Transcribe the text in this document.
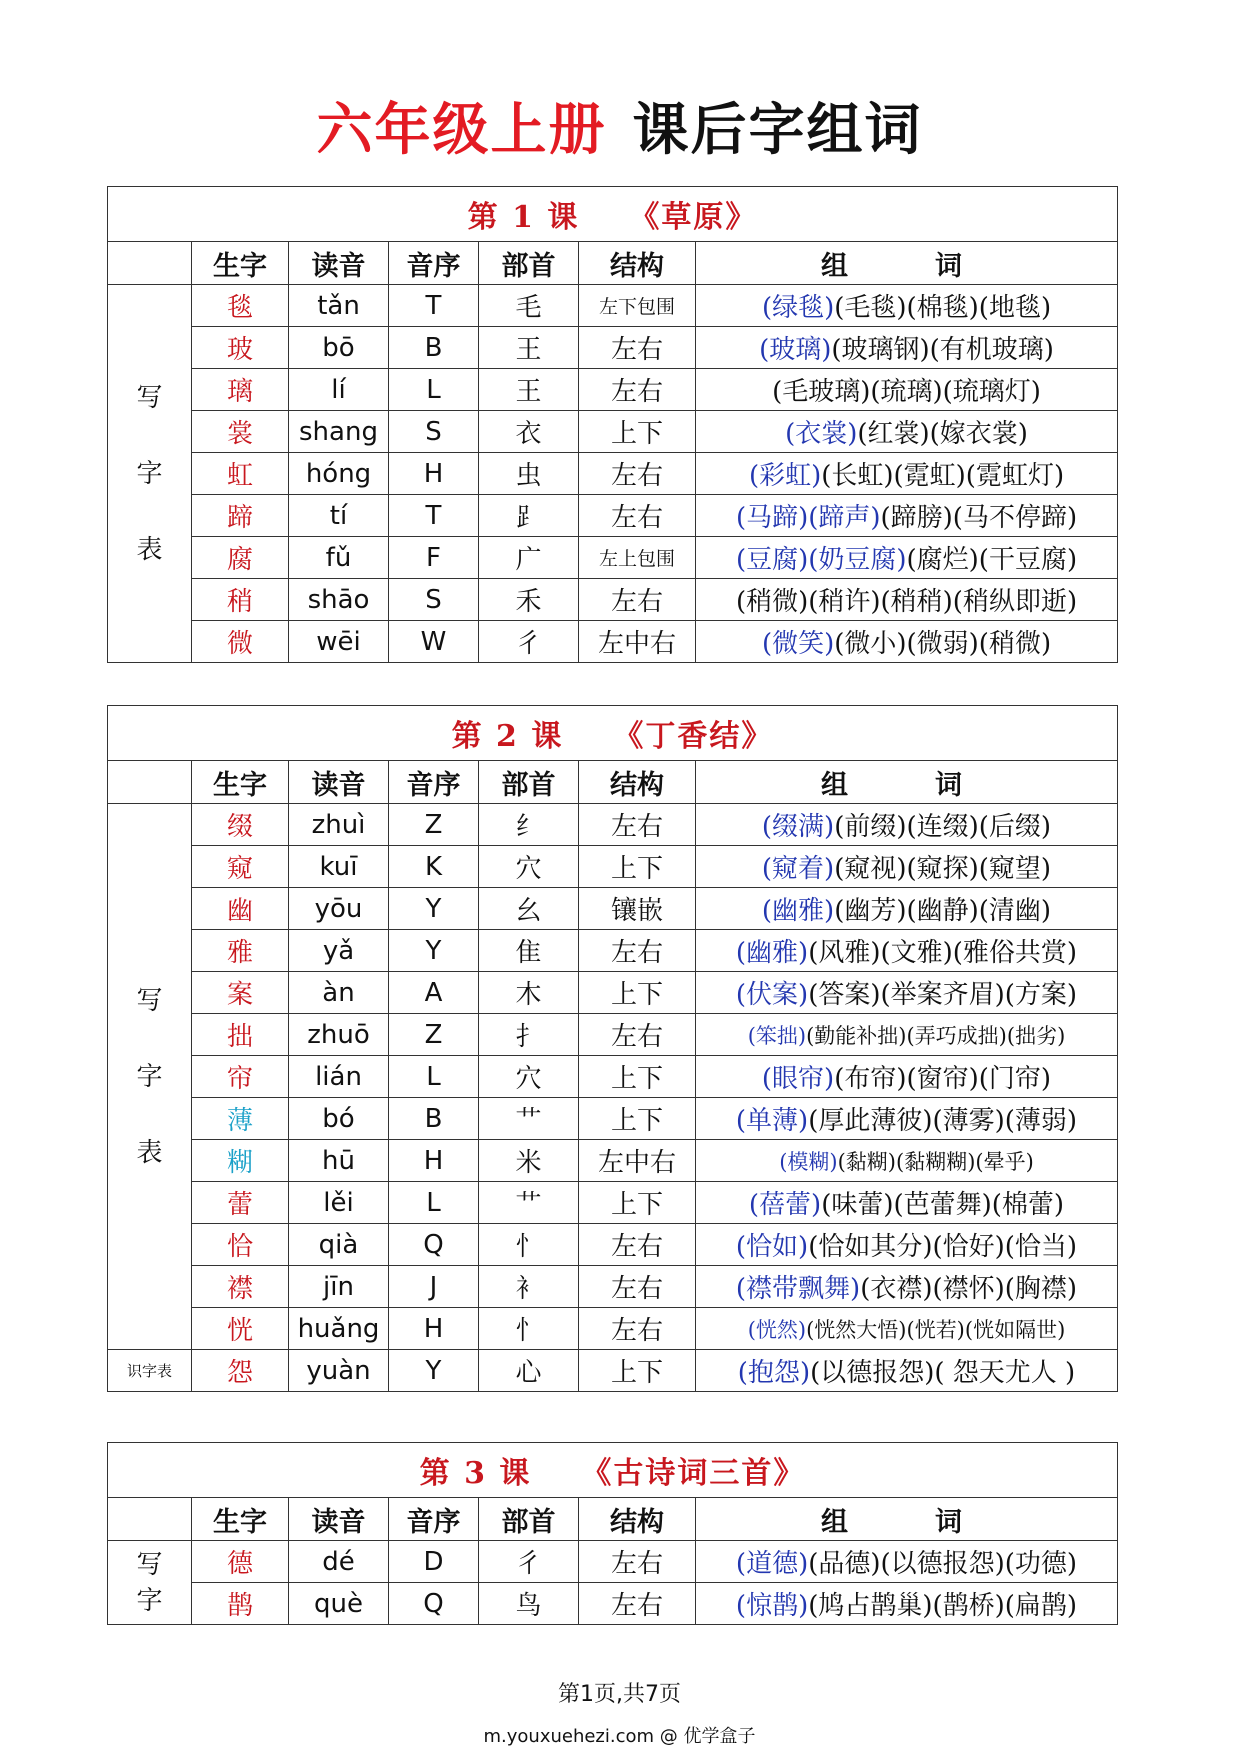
六年级上册 课后字组词
第 1 课 《草原》						
	生字	读音	音序	部首	结构	组　词
写字表	毯	tǎn	T	毛	左下包围	(绿毯)(毛毯)(棉毯)(地毯)
	玻	bō	B	王	左右	(玻璃)(玻璃钢)(有机玻璃)
	璃	lí	L	王	左右	(毛玻璃)(琉璃)(琉璃灯)
	裳	shang	S	衣	上下	(衣裳)(红裳)(嫁衣裳)
	虹	hóng	H	虫	左右	(彩虹)(长虹)(霓虹)(霓虹灯)
	蹄	tí	T	⻊	左右	(马蹄)(蹄声)(蹄膀)(马不停蹄)
	腐	fǔ	F	广	左上包围	(豆腐)(奶豆腐)(腐烂)(干豆腐)
	稍	shāo	S	禾	左右	(稍微)(稍许)(稍稍)(稍纵即逝)
	微	wēi	W	彳	左中右	(微笑)(微小)(微弱)(稍微)
第 2 课 《丁香结》						
	生字	读音	音序	部首	结构	组　词
写字表	缀	zhuì	Z	纟	左右	(缀满)(前缀)(连缀)(后缀)
	窥	kuī	K	穴	上下	(窥着)(窥视)(窥探)(窥望)
	幽	yōu	Y	幺	镶嵌	(幽雅)(幽芳)(幽静)(清幽)
	雅	yǎ	Y	隹	左右	(幽雅)(风雅)(文雅)(雅俗共赏)
	案	àn	A	木	上下	(伏案)(答案)(举案齐眉)(方案)
	拙	zhuō	Z	扌	左右	(笨拙)(勤能补拙)(弄巧成拙)(拙劣)
	帘	lián	L	穴	上下	(眼帘)(布帘)(窗帘)(门帘)
	薄	bó	B	艹	上下	(单薄)(厚此薄彼)(薄雾)(薄弱)
	糊	hū	H	米	左中右	(模糊)(黏糊)(黏糊糊)(晕乎)
	蕾	lěi	L	艹	上下	(蓓蕾)(味蕾)(芭蕾舞)(棉蕾)
	恰	qià	Q	忄	左右	(恰如)(恰如其分)(恰好)(恰当)
	襟	jīn	J	衤	左右	(襟带飘舞)(衣襟)(襟怀)(胸襟)
	恍	huǎng	H	忄	左右	(恍然)(恍然大悟)(恍若)(恍如隔世)
识字表	怨	yuàn	Y	心	上下	(抱怨)(以德报怨)( 怨天尤人 )
第 3 课 《古诗词三首》						
	生字	读音	音序	部首	结构	组　词
写字	德	dé	D	彳	左右	(道德)(品德)(以德报怨)(功德)
	鹊	què	Q	鸟	左右	(惊鹊)(鸠占鹊巢)(鹊桥)(扁鹊)
第1页,共7页
m.youxuehezi.com @ 优学盒子
